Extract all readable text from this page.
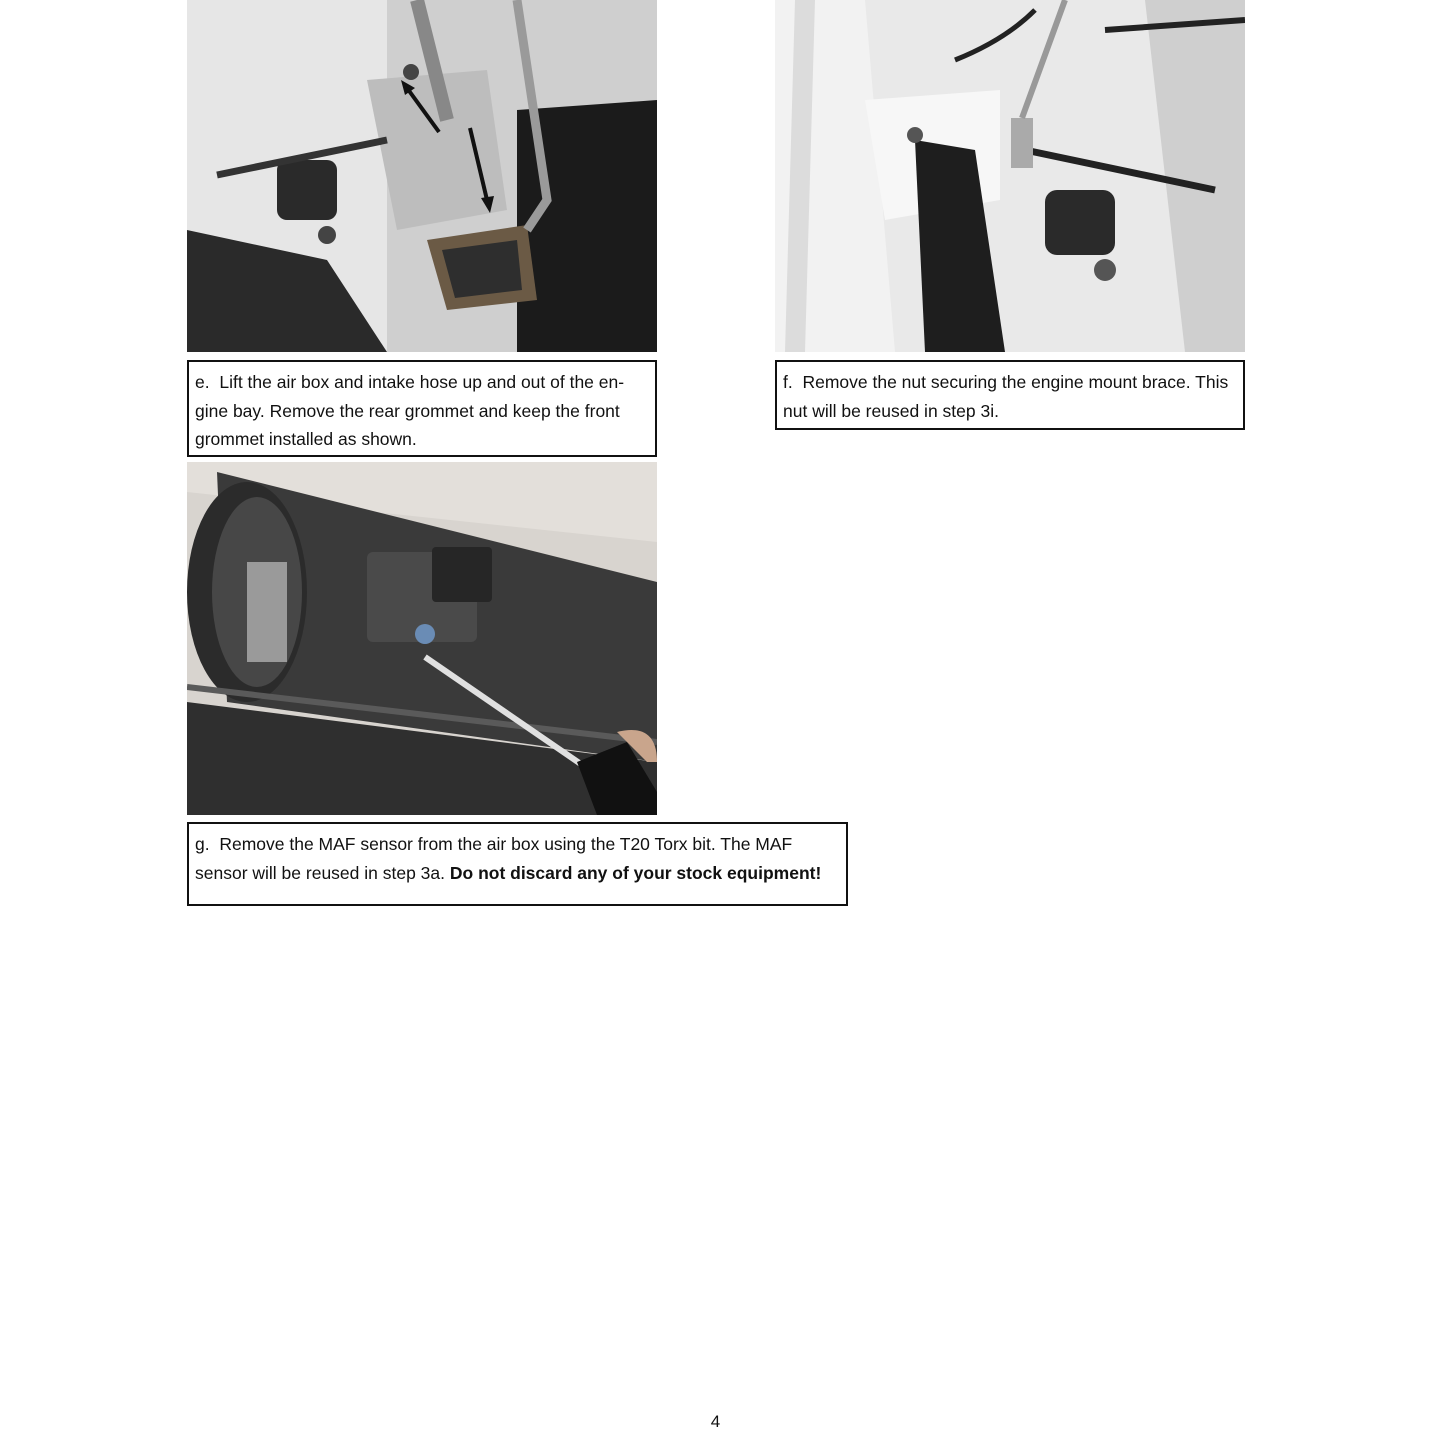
e. Lift the air box and intake hose up and out of the en-gine bay. Remove the rear grommet and keep the front grommet installed as shown.
f. Remove the nut securing the engine mount brace. This nut will be reused in step 3i.
g. Remove the MAF sensor from the air box using the T20 Torx bit. The MAF sensor will be reused in step 3a. Do not discard any of your stock equipment!
4
